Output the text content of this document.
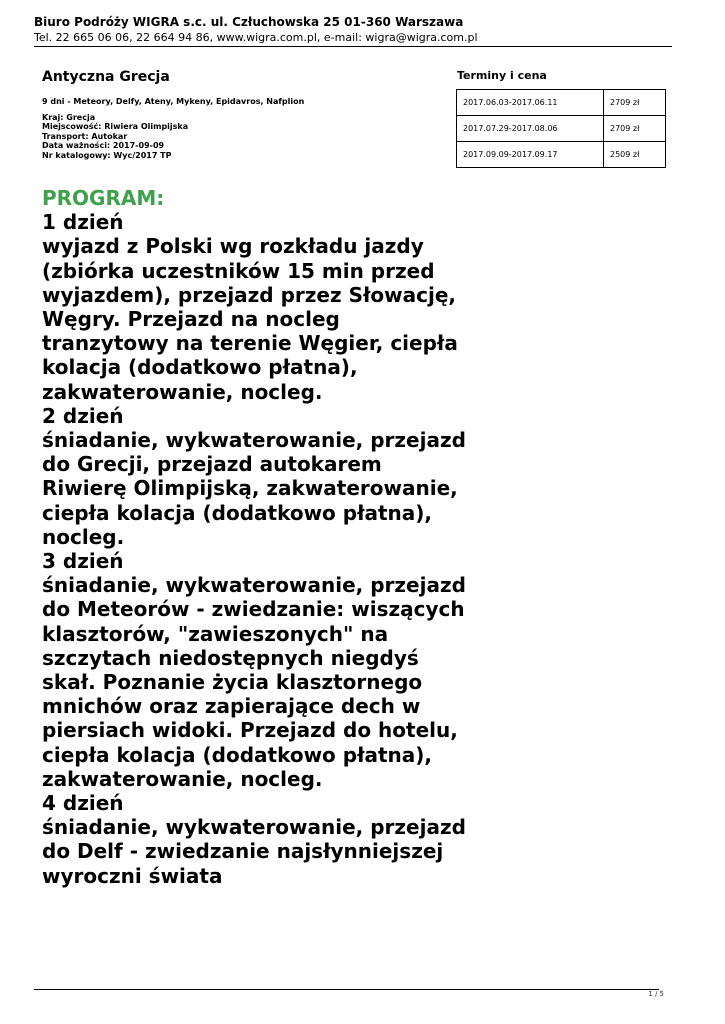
Biuro Podróży WIGRA s.c. ul. Człuchowska 25 01-360 Warszawa
Tel. 22 665 06 06, 22 664 94 86, www.wigra.com.pl, e-mail: wigra@wigra.com.pl
Antyczna Grecja
9 dni - Meteory, Delfy, Ateny, Mykeny, Epidavros, Nafplion
Kraj: Grecja
Miejscowość: Riwiera Olimpijska
Transport: Autokar
Data ważności: 2017-09-09
Nr katalogowy: Wyc/2017 TP
Terminy i cena
2017.06.03-2017.06.11	2709 zł
2017.07.29-2017.08.06	2709 zł
2017.09.09-2017.09.17	2509 zł
PROGRAM:
1 dzień
wyjazd z Polski wg rozkładu jazdy (zbiórka uczestników 15 min przed wyjazdem), przejazd przez Słowację, Węgry. Przejazd na nocleg tranzytowy na terenie Węgier, ciepła kolacja (dodatkowo płatna), zakwaterowanie, nocleg.
2 dzień
śniadanie, wykwaterowanie, przejazd do Grecji, przejazd autokarem Riwierę Olimpijską, zakwaterowanie, ciepła kolacja (dodatkowo płatna), nocleg.
3 dzień
śniadanie, wykwaterowanie, przejazd do Meteorów - zwiedzanie: wiszących klasztorów, "zawieszonych" na szczytach niedostępnych niegdyś skał. Poznanie życia klasztornego mnichów oraz zapierające dech w piersiach widoki. Przejazd do hotelu, ciepła kolacja (dodatkowo płatna), zakwaterowanie, nocleg.
4 dzień
śniadanie, wykwaterowanie, przejazd do Delf - zwiedzanie najsłynniejszej wyroczni świata
1 / 5
